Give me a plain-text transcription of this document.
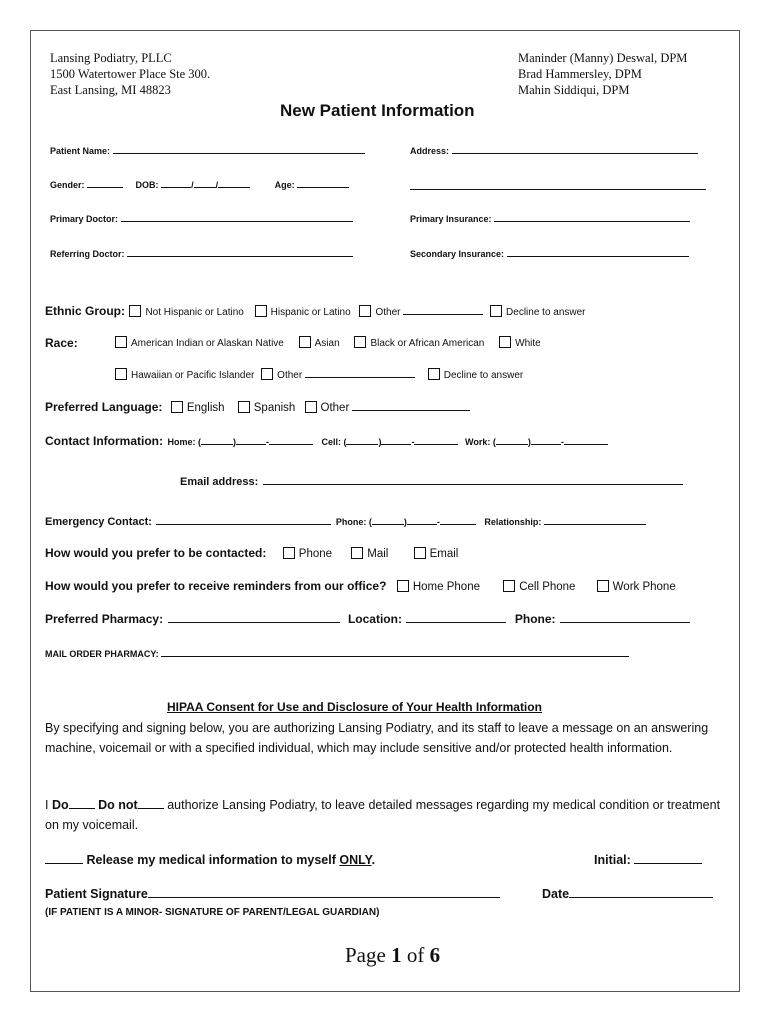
Lansing Podiatry, PLLC
1500 Watertower Place Ste 300.
East Lansing, MI 48823
Maninder (Manny) Deswal, DPM
Brad Hammersley, DPM
Mahin Siddiqui, DPM
New Patient Information
Patient Name:	Address:
Gender:	DOB:	/ /	Age:
Primary Doctor:	Primary Insurance:
Referring Doctor:	Secondary Insurance:
Ethnic Group: Not Hispanic or Latino	Hispanic or Latino Other	Decline to answer
Race:	American Indian or Alaskan Native	Asian	Black or African American	White
Hawaiian or Pacific Islander Other	Decline to answer
Preferred Language: English	Spanish Other
Contact Information: Home: (	)	-	Cell: (	)	-	Work: (	)	-
Email address:
Emergency Contact:	Phone: (	)	-	Relationship:
How would you prefer to be contacted:	Phone	Mail	Email
How would you prefer to receive reminders from our office? Home Phone	Cell Phone	Work Phone
Preferred Pharmacy:	Location:	Phone:
MAIL ORDER PHARMACY:
HIPAA Consent for Use and Disclosure of Your Health Information
By specifying and signing below, you are authorizing Lansing Podiatry, and its staff to leave a message on an answering machine, voicemail or with a specified individual, which may include sensitive and/or protected health information.
I Do Do not authorize Lansing Podiatry, to leave detailed messages regarding my medical condition or treatment on my voicemail.
Release my medical information to myself ONLY.	Initial:
Patient Signature	Date
(IF PATIENT IS A MINOR- SIGNATURE OF PARENT/LEGAL GUARDIAN)
Page 1 of 6
